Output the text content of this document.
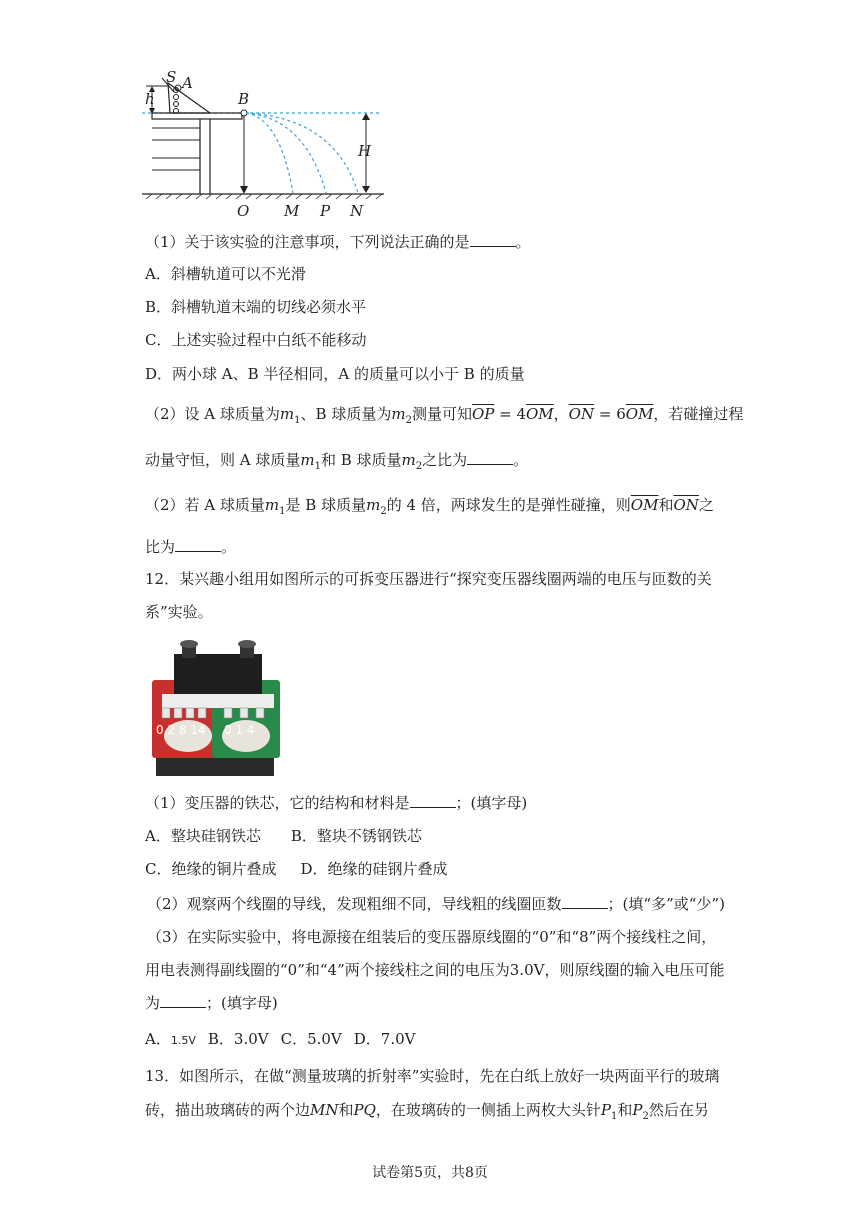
h
S A
B
H
O M P N
（1）关于该实验的注意事项，下列说法正确的是	。
A．斜槽轨道可以不光滑
B．斜槽轨道末端的切线必须水平
C．上述实验过程中白纸不能移动
D．两小球 A、B 半径相同，A 的质量可以小于 B 的质量
（2）设 A 球质量为$m_1$、B 球质量为$m_2$测量可知$\overline{OP} = 4\overline{OM}$，$\overline{ON} = 6\overline{OM}$，若碰撞过程
动量守恒，则 A 球质量$m_1$和 B 球质量$m_2$之比为	。
（2）若 A 球质量$m_1$是 B 球质量$m_2$的 4 倍，两球发生的是弹性碰撞，则$\overline{OM}$和$\overline{ON}$之
比为	。
12．某兴趣小组用如图所示的可拆变压器进行“探究变压器线圈两端的电压与匝数的关
系”实验。
0 2 8 14 0 1 4
（1）变压器的铁芯，它的结构和材料是	；(填字母)
A．整块硅钢铁芯 B．整块不锈钢铁芯
C．绝缘的铜片叠成 D．绝缘的硅钢片叠成
（2）观察两个线圈的导线，发现粗细不同，导线粗的线圈匝数	；(填“多”或“少”)
（3）在实际实验中，将电源接在组装后的变压器原线圈的“0”和“8”两个接线柱之间，
用电表测得副线圈的“0”和“4”两个接线柱之间的电压为3.0V，则原线圈的输入电压可能
为	；(填字母)
A．1.5V B．3.0V C．5.0V D．7.0V
13．如图所示，在做“测量玻璃的折射率”实验时，先在白纸上放好一块两面平行的玻璃
砖，描出玻璃砖的两个边MN和PQ，在玻璃砖的一侧插上两枚大头针$P_1$和$P_2$然后在另
试卷第5页，共8页
